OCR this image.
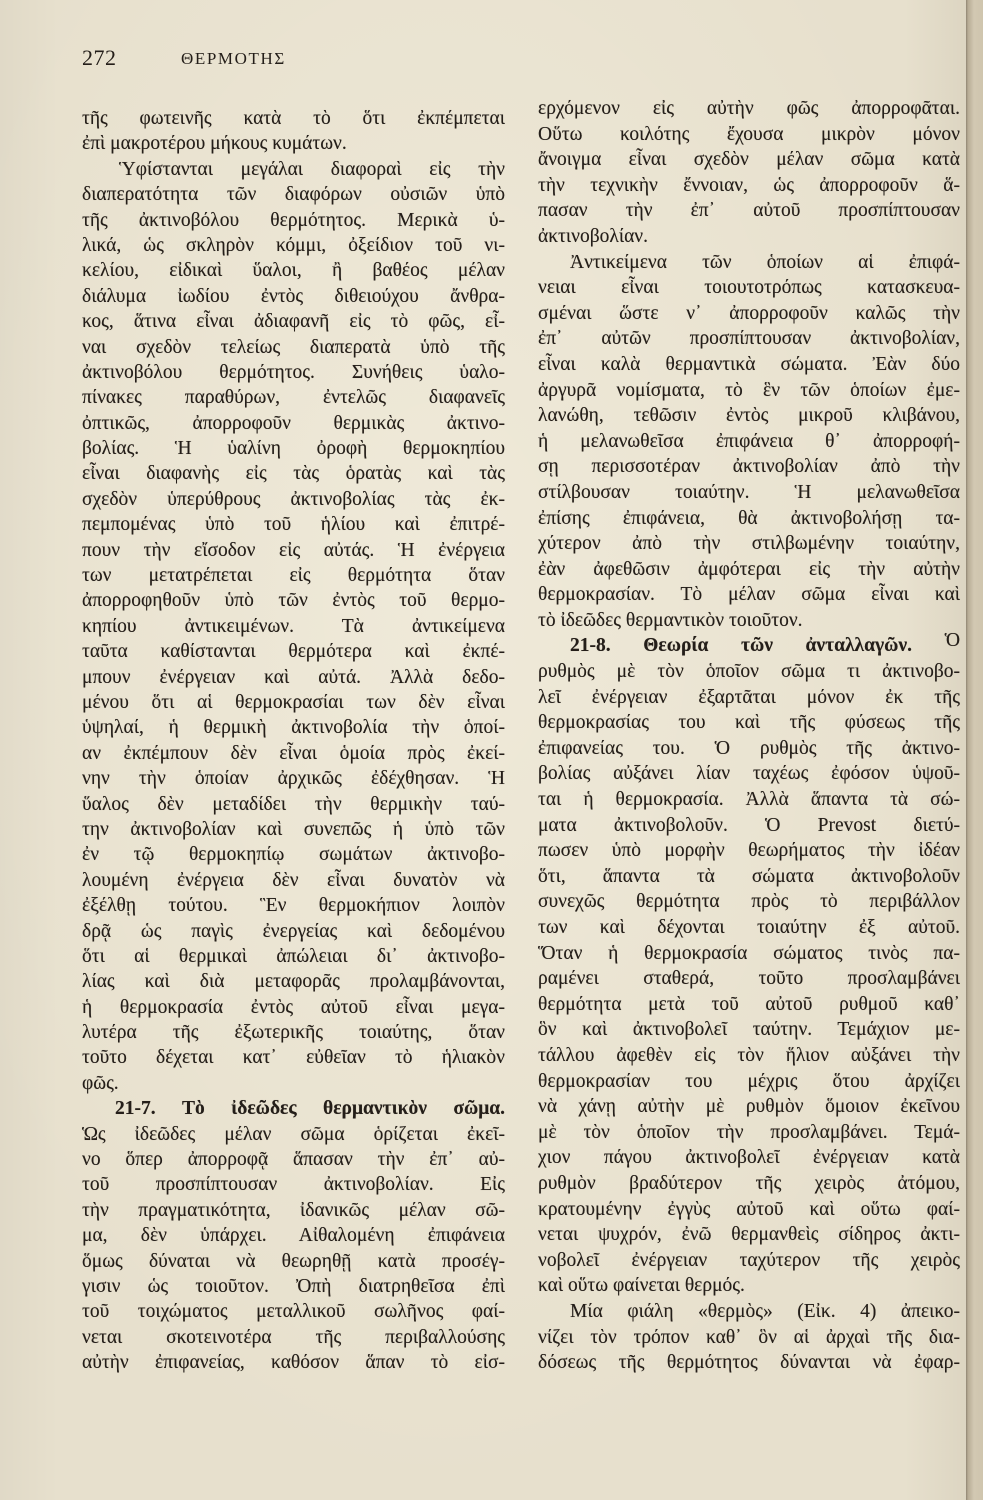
272	ΘΕΡΜΟΤΗΣ
τῆς φωτεινῆς κατὰ τὸ ὅτι ἐκπέμπεται
ἐπὶ μακροτέρου μήκους κυμάτων.
Ὑφίστανται μεγάλαι διαφοραὶ εἰς τὴν
διαπερατότητα τῶν διαφόρων οὐσιῶν ὑπὸ
τῆς ἀκτινοβόλου θερμότητος. Μερικὰ ὑ-
λικά, ὡς σκληρὸν κόμμι, ὀξείδιον τοῦ νι-
κελίου, εἰδικαὶ ὕαλοι, ἢ βαθέος μέλαν
διάλυμα ἰωδίου ἐντὸς διθειούχου ἄνθρα-
κος, ἅτινα εἶναι ἀδιαφανῆ εἰς τὸ φῶς, εἶ-
ναι σχεδὸν τελείως διαπερατὰ ὑπὸ τῆς
ἀκτινοβόλου θερμότητος. Συνήθεις ὑαλο-
πίνακες παραθύρων, ἐντελῶς διαφανεῖς
ὀπτικῶς, ἀπορροφοῦν θερμικὰς ἀκτινο-
βολίας. Ἡ ὑαλίνη ὀροφὴ θερμοκηπίου
εἶναι διαφανὴς εἰς τὰς ὁρατὰς καὶ τὰς
σχεδὸν ὑπερύθρους ἀκτινοβολίας τὰς ἐκ-
πεμπομένας ὑπὸ τοῦ ἡλίου καὶ ἐπιτρέ-
πουν τὴν εἴσοδον εἰς αὐτάς. Ἡ ἐνέργεια
των μετατρέπεται εἰς θερμότητα ὅταν
ἀπορροφηθοῦν ὑπὸ τῶν ἐντὸς τοῦ θερμο-
κηπίου ἀντικειμένων. Τὰ ἀντικείμενα
ταῦτα καθίστανται θερμότερα καὶ ἐκπέ-
μπουν ἐνέργειαν καὶ αὐτά. Ἀλλὰ δεδο-
μένου ὅτι αἱ θερμοκρασίαι των δὲν εἶναι
ὑψηλαί, ἡ θερμικὴ ἀκτινοβολία τὴν ὁποί-
αν ἐκπέμπουν δὲν εἶναι ὁμοία πρὸς ἐκεί-
νην τὴν ὁποίαν ἀρχικῶς ἐδέχθησαν. Ἡ
ὕαλος δὲν μεταδίδει τὴν θερμικὴν ταύ-
την ἀκτινοβολίαν καὶ συνεπῶς ἡ ὑπὸ τῶν
ἐν τῷ θερμοκηπίῳ σωμάτων ἀκτινοβο-
λουμένη ἐνέργεια δὲν εἶναι δυνατὸν νὰ
ἐξέλθῃ τούτου. Ἓν θερμοκήπιον λοιπὸν
δρᾷ ὡς παγὶς ἐνεργείας καὶ δεδομένου
ὅτι αἱ θερμικαὶ ἀπώλειαι δι᾽ ἀκτινοβο-
λίας καὶ διὰ μεταφορᾶς προλαμβάνονται,
ἡ θερμοκρασία ἐντὸς αὐτοῦ εἶναι μεγα-
λυτέρα τῆς ἐξωτερικῆς τοιαύτης, ὅταν
τοῦτο δέχεται κατ᾽ εὐθεῖαν τὸ ἡλιακὸν
φῶς.
21-7. Τὸ ἰδεῶδες θερμαντικὸν σῶμα.
Ὡς ἰδεῶδες μέλαν σῶμα ὁρίζεται ἐκεῖ-
νο ὅπερ ἀπορροφᾷ ἅπασαν τὴν ἐπ᾽ αὐ-
τοῦ προσπίπτουσαν ἀκτινοβολίαν. Εἰς
τὴν πραγματικότητα, ἰδανικῶς μέλαν σῶ-
μα, δὲν ὑπάρχει. Αἰθαλομένη ἐπιφάνεια
ὅμως δύναται νὰ θεωρηθῇ κατὰ προσέγ-
γισιν ὡς τοιοῦτον. Ὀπὴ διατρηθεῖσα ἐπὶ
τοῦ τοιχώματος μεταλλικοῦ σωλῆνος φαί-
νεται σκοτεινοτέρα τῆς περιβαλλούσης
αὐτὴν ἐπιφανείας, καθόσον ἅπαν τὸ εἰσ-
ερχόμενον εἰς αὐτὴν φῶς ἀπορροφᾶται.
Οὕτω κοιλότης ἔχουσα μικρὸν μόνον
ἄνοιγμα εἶναι σχεδὸν μέλαν σῶμα κατὰ
τὴν τεχνικὴν ἔννοιαν, ὡς ἀπορροφοῦν ἅ-
πασαν τὴν ἐπ᾽ αὐτοῦ προσπίπτουσαν
ἀκτινοβολίαν.
Ἀντικείμενα τῶν ὁποίων αἱ ἐπιφά-
νειαι εἶναι τοιουτοτρόπως κατασκευα-
σμέναι ὥστε ν᾽ ἀπορροφοῦν καλῶς τὴν
ἐπ᾽ αὐτῶν προσπίπτουσαν ἀκτινοβολίαν,
εἶναι καλὰ θερμαντικὰ σώματα. Ἐὰν δύο
ἀργυρᾶ νομίσματα, τὸ ἓν τῶν ὁποίων ἐμε-
λανώθη, τεθῶσιν ἐντὸς μικροῦ κλιβάνου,
ἡ μελανωθεῖσα ἐπιφάνεια θ᾽ ἀπορροφή-
σῃ περισσοτέραν ἀκτινοβολίαν ἀπὸ τὴν
στίλβουσαν τοιαύτην. Ἡ μελανωθεῖσα
ἐπίσης ἐπιφάνεια, θὰ ἀκτινοβολήσῃ τα-
χύτερον ἀπὸ τὴν στιλβωμένην τοιαύτην,
ἐὰν ἀφεθῶσιν ἀμφότεραι εἰς τὴν αὐτὴν
θερμοκρασίαν. Τὸ μέλαν σῶμα εἶναι καὶ
τὸ ἰδεῶδες θερμαντικὸν τοιοῦτον.
21-8. Θεωρία τῶν ἀνταλλαγῶν. Ὁ
ρυθμὸς μὲ τὸν ὁποῖον σῶμα τι ἀκτινοβο-
λεῖ ἐνέργειαν ἐξαρτᾶται μόνον ἐκ τῆς
θερμοκρασίας του καὶ τῆς φύσεως τῆς
ἐπιφανείας του. Ὁ ρυθμὸς τῆς ἀκτινο-
βολίας αὐξάνει λίαν ταχέως ἐφόσον ὑψοῦ-
ται ἡ θερμοκρασία. Ἀλλὰ ἅπαντα τὰ σώ-
ματα ἀκτινοβολοῦν. Ὁ Prevost διετύ-
πωσεν ὑπὸ μορφὴν θεωρήματος τὴν ἰδέαν
ὅτι, ἅπαντα τὰ σώματα ἀκτινοβολοῦν
συνεχῶς θερμότητα πρὸς τὸ περιβάλλον
των καὶ δέχονται τοιαύτην ἐξ αὐτοῦ.
Ὅταν ἡ θερμοκρασία σώματος τινὸς πα-
ραμένει σταθερά, τοῦτο προσλαμβάνει
θερμότητα μετὰ τοῦ αὐτοῦ ρυθμοῦ καθ᾽
ὃν καὶ ἀκτινοβολεῖ ταύτην. Τεμάχιον με-
τάλλου ἀφεθὲν εἰς τὸν ἥλιον αὐξάνει τὴν
θερμοκρασίαν του μέχρις ὅτου ἀρχίζει
νὰ χάνῃ αὐτὴν μὲ ρυθμὸν ὅμοιον ἐκεῖνου
μὲ τὸν ὁποῖον τὴν προσλαμβάνει. Τεμά-
χιον πάγου ἀκτινοβολεῖ ἐνέργειαν κατὰ
ρυθμὸν βραδύτερον τῆς χειρὸς ἀτόμου,
κρατουμένην ἐγγὺς αὐτοῦ καὶ οὕτω φαί-
νεται ψυχρόν, ἐνῶ θερμανθεὶς σίδηρος ἀκτι-
νοβολεῖ ἐνέργειαν ταχύτερον τῆς χειρὸς
καὶ οὕτω φαίνεται θερμός.
Μία φιάλη «θερμὸς» (Εἰκ. 4) ἀπεικο-
νίζει τὸν τρόπον καθ᾽ ὃν αἱ ἀρχαὶ τῆς δια-
δόσεως τῆς θερμότητος δύνανται νὰ ἐφαρ-
